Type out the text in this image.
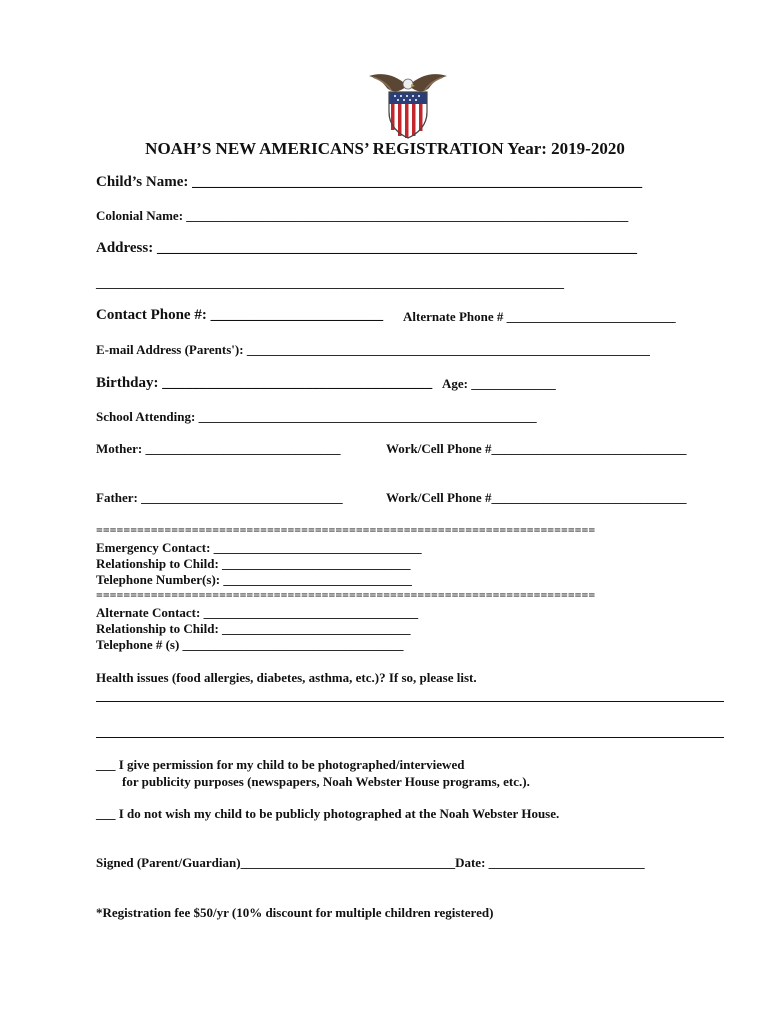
NOAH’S NEW AMERICANS’ REGISTRATION Year: 2019-2020
Child’s Name: ____________________________________________________________
Colonial Name: ____________________________________________________________________
Address: ________________________________________________________________
________________________________________________________________________
Contact Phone #: _______________________ Alternate Phone # __________________________
E-mail Address (Parents'): ______________________________________________________________
Birthday: ____________________________________ Age: _____________
School Attending: ____________________________________________________
Mother: ______________________________	Work/Cell Phone #______________________________
Father: _______________________________	Work/Cell Phone #______________________________
=========================================================================
Emergency Contact: ________________________________
Relationship to Child: _____________________________
Telephone Number(s): _____________________________
=========================================================================
Alternate Contact: _________________________________
Relationship to Child: _____________________________
Telephone # (s) __________________________________
Health issues (food allergies, diabetes, asthma, etc.)? If so, please list.
___ I give permission for my child to be photographed/interviewed
for publicity purposes (newspapers, Noah Webster House programs, etc.).
___ I do not wish my child to be publicly photographed at the Noah Webster House.
Signed (Parent/Guardian)_________________________________Date: ________________________
*Registration fee $50/yr (10% discount for multiple children registered)
